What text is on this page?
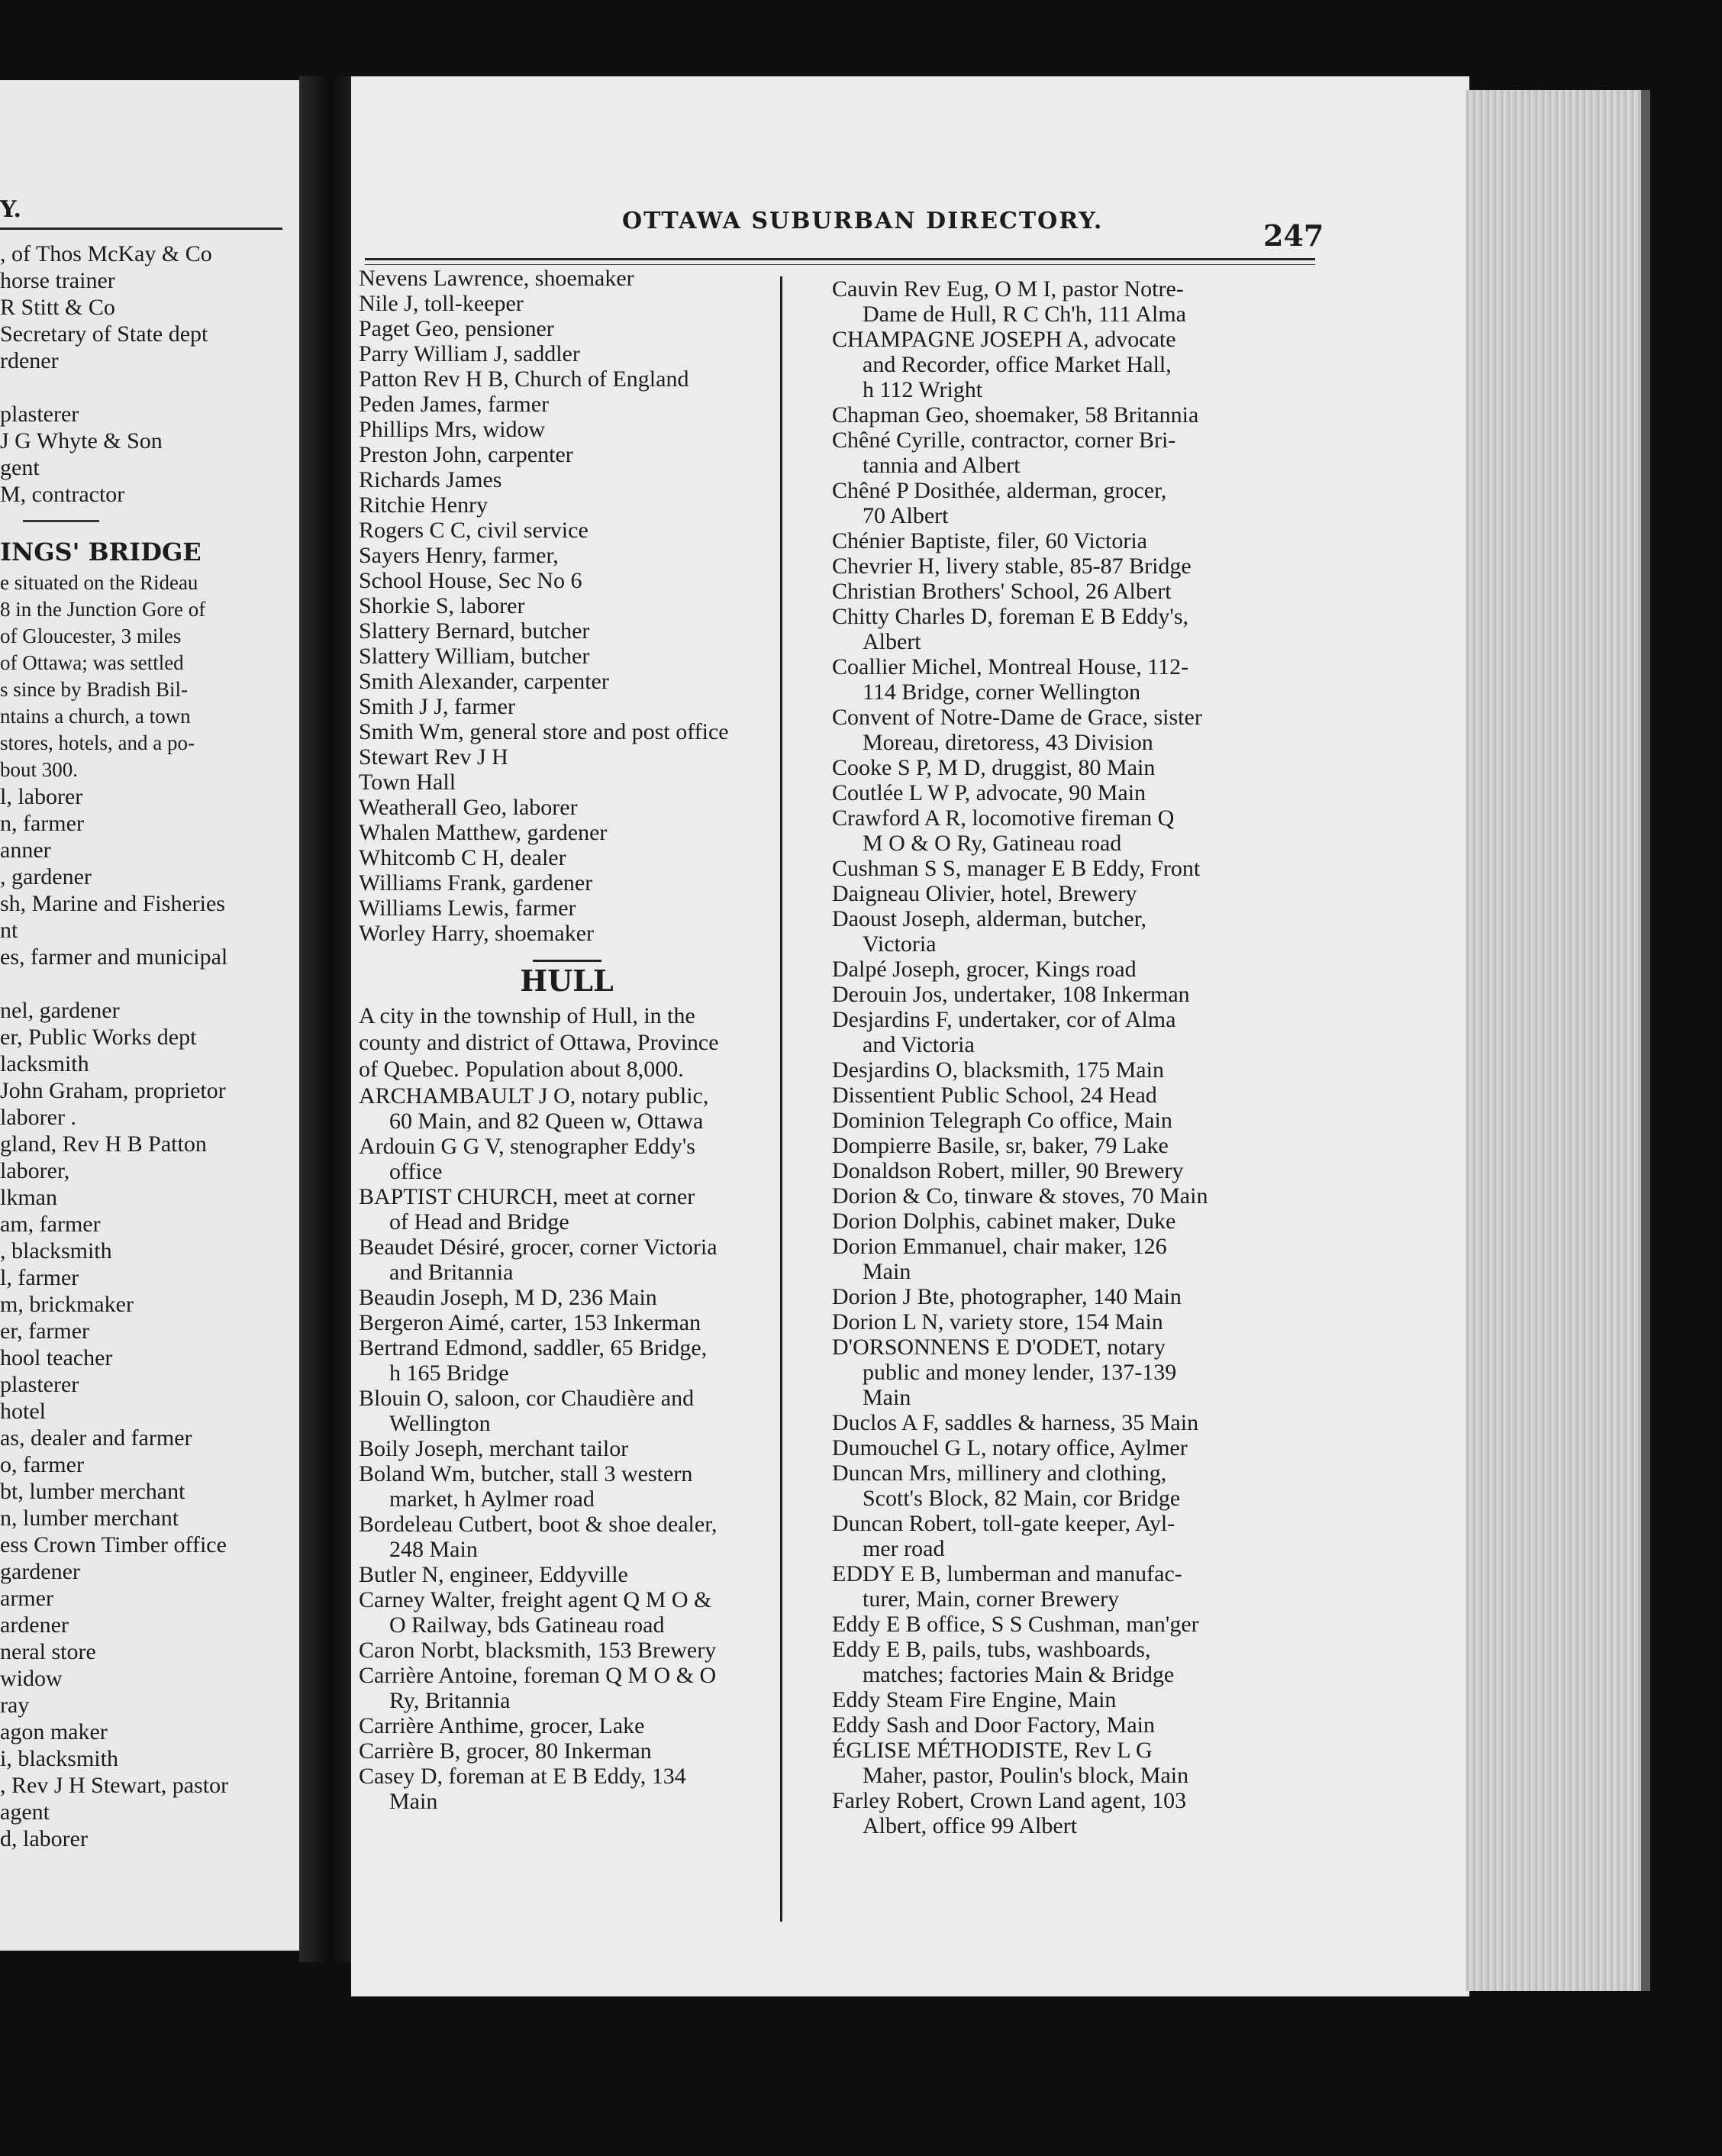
Y.
, of Thos McKay & Co
horse trainer
R Stitt & Co
Secretary of State dept
rdener
plasterer
J G Whyte & Son
gent
M, contractor
INGS' BRIDGE
e situated on the Rideau
8 in the Junction Gore of
of Gloucester, 3 miles
of Ottawa; was settled
s since by Bradish Bil-
ntains a church, a town
stores, hotels, and a po-
bout 300.
l, laborer
n, farmer
anner
, gardener
sh, Marine and Fisheries
nt
es, farmer and municipal
nel, gardener
er, Public Works dept
lacksmith
John Graham, proprietor
laborer .
gland, Rev H B Patton
laborer,
lkman
am, farmer
, blacksmith
l, farmer
m, brickmaker
er, farmer
hool teacher
plasterer
hotel
as, dealer and farmer
o, farmer
bt, lumber merchant
n, lumber merchant
ess Crown Timber office
gardener
armer
ardener
neral store
widow
ray
agon maker
i, blacksmith
, Rev J H Stewart, pastor
agent
d, laborer
OTTAWA SUBURBAN DIRECTORY.	247

Nevens Lawrence, shoemaker

Nile J, toll-keeper

Paget Geo, pensioner

Parry William J, saddler

Patton Rev H B, Church of England

Peden James, farmer

Phillips Mrs, widow

Preston John, carpenter

Richards James

Ritchie Henry

Rogers C C, civil service

Sayers Henry, farmer,

School House, Sec No 6

Shorkie S, laborer

Slattery Bernard, butcher

Slattery William, butcher

Smith Alexander, carpenter

Smith J J, farmer

Smith Wm, general store and post office

Stewart Rev J H

Town Hall

Weatherall Geo, laborer

Whalen Matthew, gardener

Whitcomb C H, dealer

Williams Frank, gardener

Williams Lewis, farmer

Worley Harry, shoemaker

HULL
A city in the township of Hull, in the
county and district of Ottawa, Province
of Quebec. Population about 8,000.

ARCHAMBAULT J O, notary public,

60 Main, and 82 Queen w, Ottawa

Ardouin G G V, stenographer Eddy's

office

BAPTIST CHURCH, meet at corner

of Head and Bridge

Beaudet Désiré, grocer, corner Victoria

and Britannia

Beaudin Joseph, M D, 236 Main

Bergeron Aimé, carter, 153 Inkerman

Bertrand Edmond, saddler, 65 Bridge,

h 165 Bridge

Blouin O, saloon, cor Chaudière and

Wellington

Boily Joseph, merchant tailor

Boland Wm, butcher, stall 3 western

market, h Aylmer road

Bordeleau Cutbert, boot & shoe dealer,

248 Main

Butler N, engineer, Eddyville

Carney Walter, freight agent Q M O &

O Railway, bds Gatineau road

Caron Norbt, blacksmith, 153 Brewery

Carrière Antoine, foreman Q M O & O

Ry, Britannia

Carrière Anthime, grocer, Lake

Carrière B, grocer, 80 Inkerman

Casey D, foreman at E B Eddy, 134

Main

Cauvin Rev Eug, O M I, pastor Notre-

Dame de Hull, R C Ch'h, 111 Alma

CHAMPAGNE JOSEPH A, advocate

and Recorder, office Market Hall,
h 112 Wright

Chapman Geo, shoemaker, 58 Britannia

Chêné Cyrille, contractor, corner Bri-

tannia and Albert

Chêné P Dosithée, alderman, grocer,

70 Albert

Chénier Baptiste, filer, 60 Victoria

Chevrier H, livery stable, 85-87 Bridge

Christian Brothers' School, 26 Albert

Chitty Charles D, foreman E B Eddy's,

Albert

Coallier Michel, Montreal House, 112-

114 Bridge, corner Wellington

Convent of Notre-Dame de Grace, sister

Moreau, diretoress, 43 Division

Cooke S P, M D, druggist, 80 Main

Coutlée L W P, advocate, 90 Main

Crawford A R, locomotive fireman Q

M O & O Ry, Gatineau road

Cushman S S, manager E B Eddy, Front

Daigneau Olivier, hotel, Brewery

Daoust Joseph, alderman, butcher,

Victoria

Dalpé Joseph, grocer, Kings road

Derouin Jos, undertaker, 108 Inkerman

Desjardins F, undertaker, cor of Alma

and Victoria

Desjardins O, blacksmith, 175 Main

Dissentient Public School, 24 Head

Dominion Telegraph Co office, Main

Dompierre Basile, sr, baker, 79 Lake

Donaldson Robert, miller, 90 Brewery

Dorion & Co, tinware & stoves, 70 Main

Dorion Dolphis, cabinet maker, Duke

Dorion Emmanuel, chair maker, 126

Main

Dorion J Bte, photographer, 140 Main

Dorion L N, variety store, 154 Main

D'ORSONNENS E D'ODET, notary

public and money lender, 137-139
Main

Duclos A F, saddles & harness, 35 Main

Dumouchel G L, notary office, Aylmer

Duncan Mrs, millinery and clothing,

Scott's Block, 82 Main, cor Bridge

Duncan Robert, toll-gate keeper, Ayl-

mer road

EDDY E B, lumberman and manufac-

turer, Main, corner Brewery

Eddy E B office, S S Cushman, man'ger

Eddy E B, pails, tubs, washboards,

matches; factories Main & Bridge

Eddy Steam Fire Engine, Main

Eddy Sash and Door Factory, Main

ÉGLISE MÉTHODISTE, Rev L G

Maher, pastor, Poulin's block, Main

Farley Robert, Crown Land agent, 103

Albert, office 99 Albert
